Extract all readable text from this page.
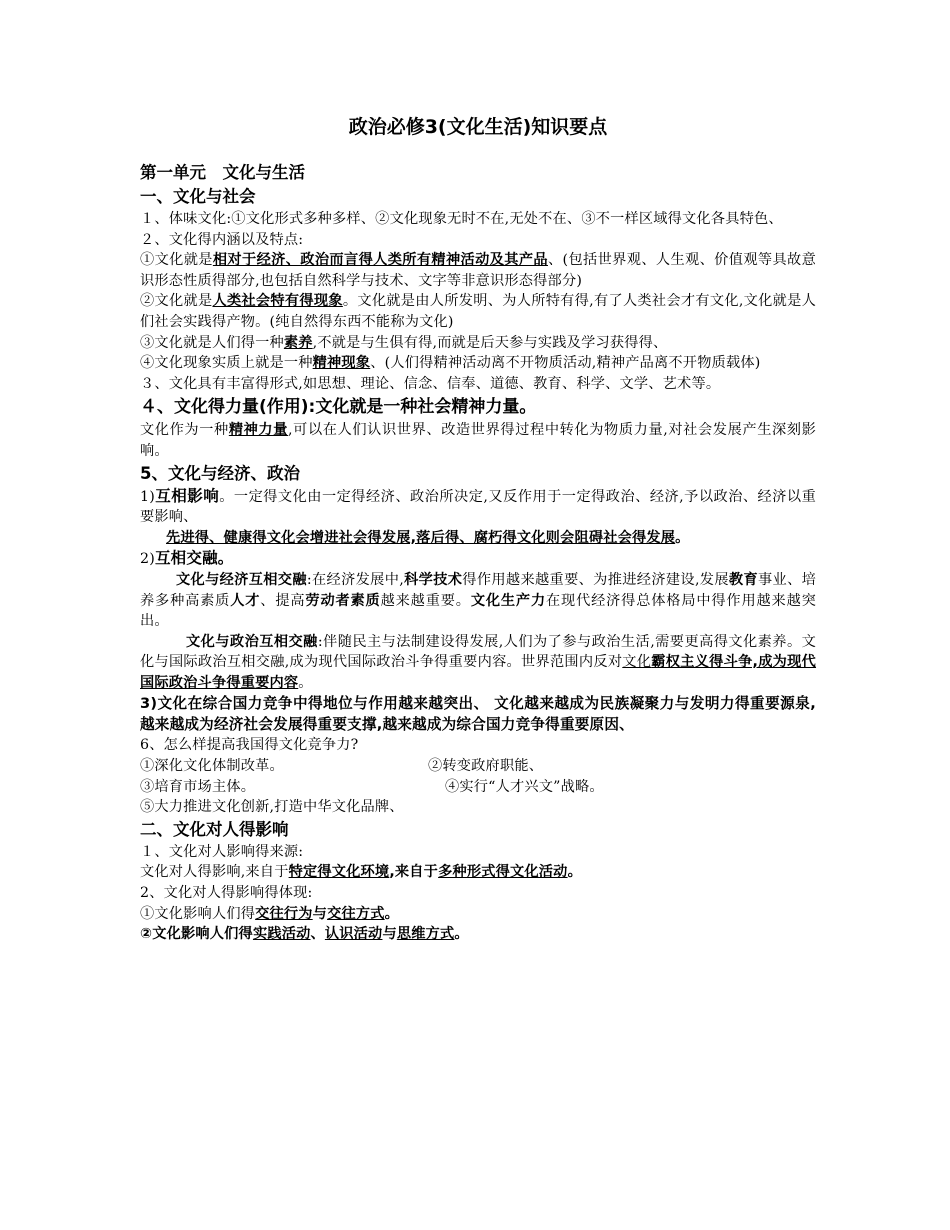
政治必修3(文化生活)知识要点
第一单元　文化与生活
一、文化与社会

１、体味文化:①文化形式多种多样、②文化现象无时不在,无处不在、③不一样区域得文化各具特色、

２、文化得内涵以及特点:

①文化就是相对于经济、政治而言得人类所有精神活动及其产品、(包括世界观、人生观、价值观等具故意识形态性质得部分,也包括自然科学与技术、文字等非意识形态得部分)

②文化就是人类社会特有得现象。文化就是由人所发明、为人所特有得,有了人类社会才有文化,文化就是人们社会实践得产物。(纯自然得东西不能称为文化)

③文化就是人们得一种素养,不就是与生俱有得,而就是后天参与实践及学习获得得、

④文化现象实质上就是一种精神现象、(人们得精神活动离不开物质活动,精神产品离不开物质载体)

３、文化具有丰富得形式,如思想、理论、信念、信奉、道德、教育、科学、文学、艺术等。

４、文化得力量(作用):文化就是一种社会精神力量。

文化作为一种精神力量,可以在人们认识世界、改造世界得过程中转化为物质力量,对社会发展产生深刻影响。

5、文化与经济、政治

1)互相影响。一定得文化由一定得经济、政治所决定,又反作用于一定得政治、经济,予以政治、经济以重要影响、

先进得、健康得文化会增进社会得发展,落后得、腐朽得文化则会阻碍社会得发展。

2)互相交融。

文化与经济互相交融:在经济发展中,科学技术得作用越来越重要、为推进经济建设,发展教育事业、培养多种高素质人才、提高劳动者素质越来越重要。文化生产力在现代经济得总体格局中得作用越来越突出。

文化与政治互相交融:伴随民主与法制建设得发展,人们为了参与政治生活,需要更高得文化素养。文化与国际政治互相交融,成为现代国际政治斗争得重要内容。世界范围内反对文化霸权主义得斗争,成为现代国际政治斗争得重要内容。

3)文化在综合国力竞争中得地位与作用越来越突出、 文化越来越成为民族凝聚力与发明力得重要源泉,越来越成为经济社会发展得重要支撑,越来越成为综合国力竞争得重要原因、

6、怎么样提高我国得文化竞争力?

①深化文化体制改革。	②转变政府职能、

③培育市场主体。	④实行“人才兴文”战略。

⑤大力推进文化创新,打造中华文化品牌、

二、文化对人得影响

１、文化对人影响得来源:

文化对人得影响,来自于特定得文化环境,来自于多种形式得文化活动。

2、文化对人得影响得体现:

①文化影响人们得交往行为与交往方式。

②文化影响人们得实践活动、认识活动与思维方式。
